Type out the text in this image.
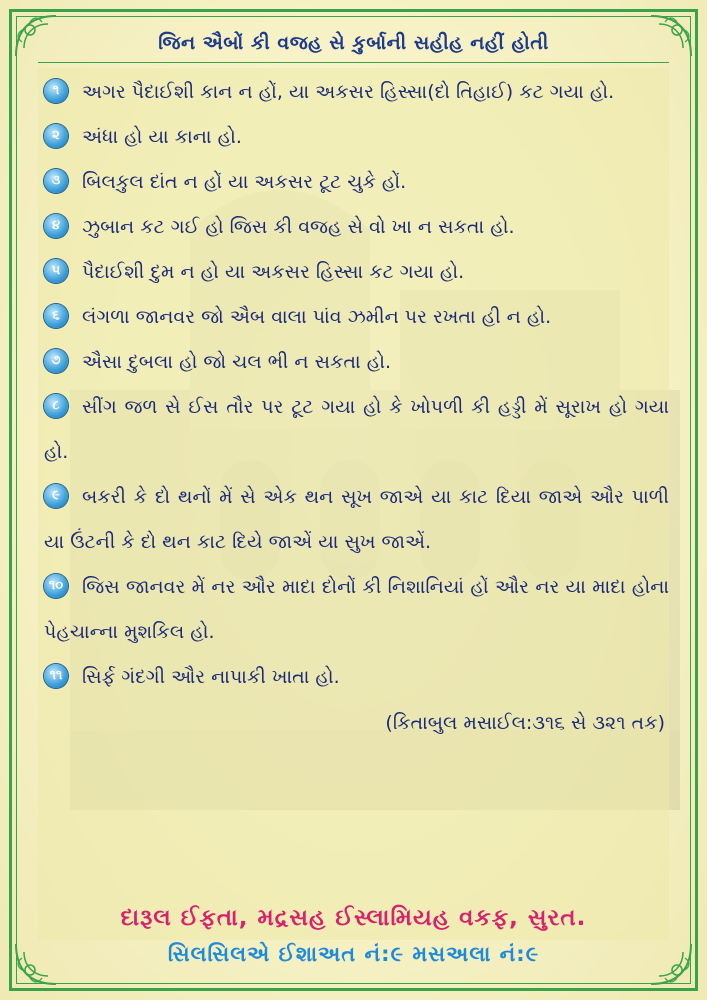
જિન ઐબોં કી વજહ સે કુર્બાની સહીહ નહીં હોતી
૧ અગર પૈદાઈશી કાન ન હોં, યા અકસર હિસ્સા(દો તિહાઈ) કટ ગયા હો.
૨ અંધા હો યા કાના હો.
૩ બિલકુલ દાંત ન હોં યા અકસર ટૂટ ચુકે હોં.
૪ ઝુબાન કટ ગઈ હો જિસ કી વજહ સે વો ખા ન સકતા હો.
૫ પૈદાઈશી દુમ ન હો યા અકસર હિસ્સા કટ ગયા હો.
૬ લંગળા જાનવર જો ઐબ વાલા પાંવ ઝમીન પર રખતા હી ન હો.
૭ ઐસા દુબલા હો જો ચલ ભી ન સકતા હો.
૮ સીંગ જળ સે ઈસ તૌર પર ટૂટ ગયા હો કે ખોપળી કી હડ્ડી મેં સૂરાખ હો ગયા હો.
૯ બકરી કે દો થનોં મેં સે એક થન સૂખ જાએ યા કાટ દિયા જાએ ઔર પાળી યા ઉંટની કે દો થન કાટ દિયે જાએં યા સુખ જાએં.
૧૦ જિસ જાનવર મેં નર ઔર માદા દોનોં કી નિશાનિયાં હોં ઔર નર યા માદા હોના પેહચાન્ના મુશકિલ હો.
૧૧ સિર્ફ ગંદગી ઔર નાપાકી ખાતા હો.
(કિતાબુલ મસાઈલ:૩૧૬ સે ૩૨૧ તક)
દારૂલ ઈફતા, મદ્રસહ ઈસ્લામિયહ વકફ, સુરત.
સિલસિલએ ઈશાઅત નં:૯ મસઅલા નં:૯
